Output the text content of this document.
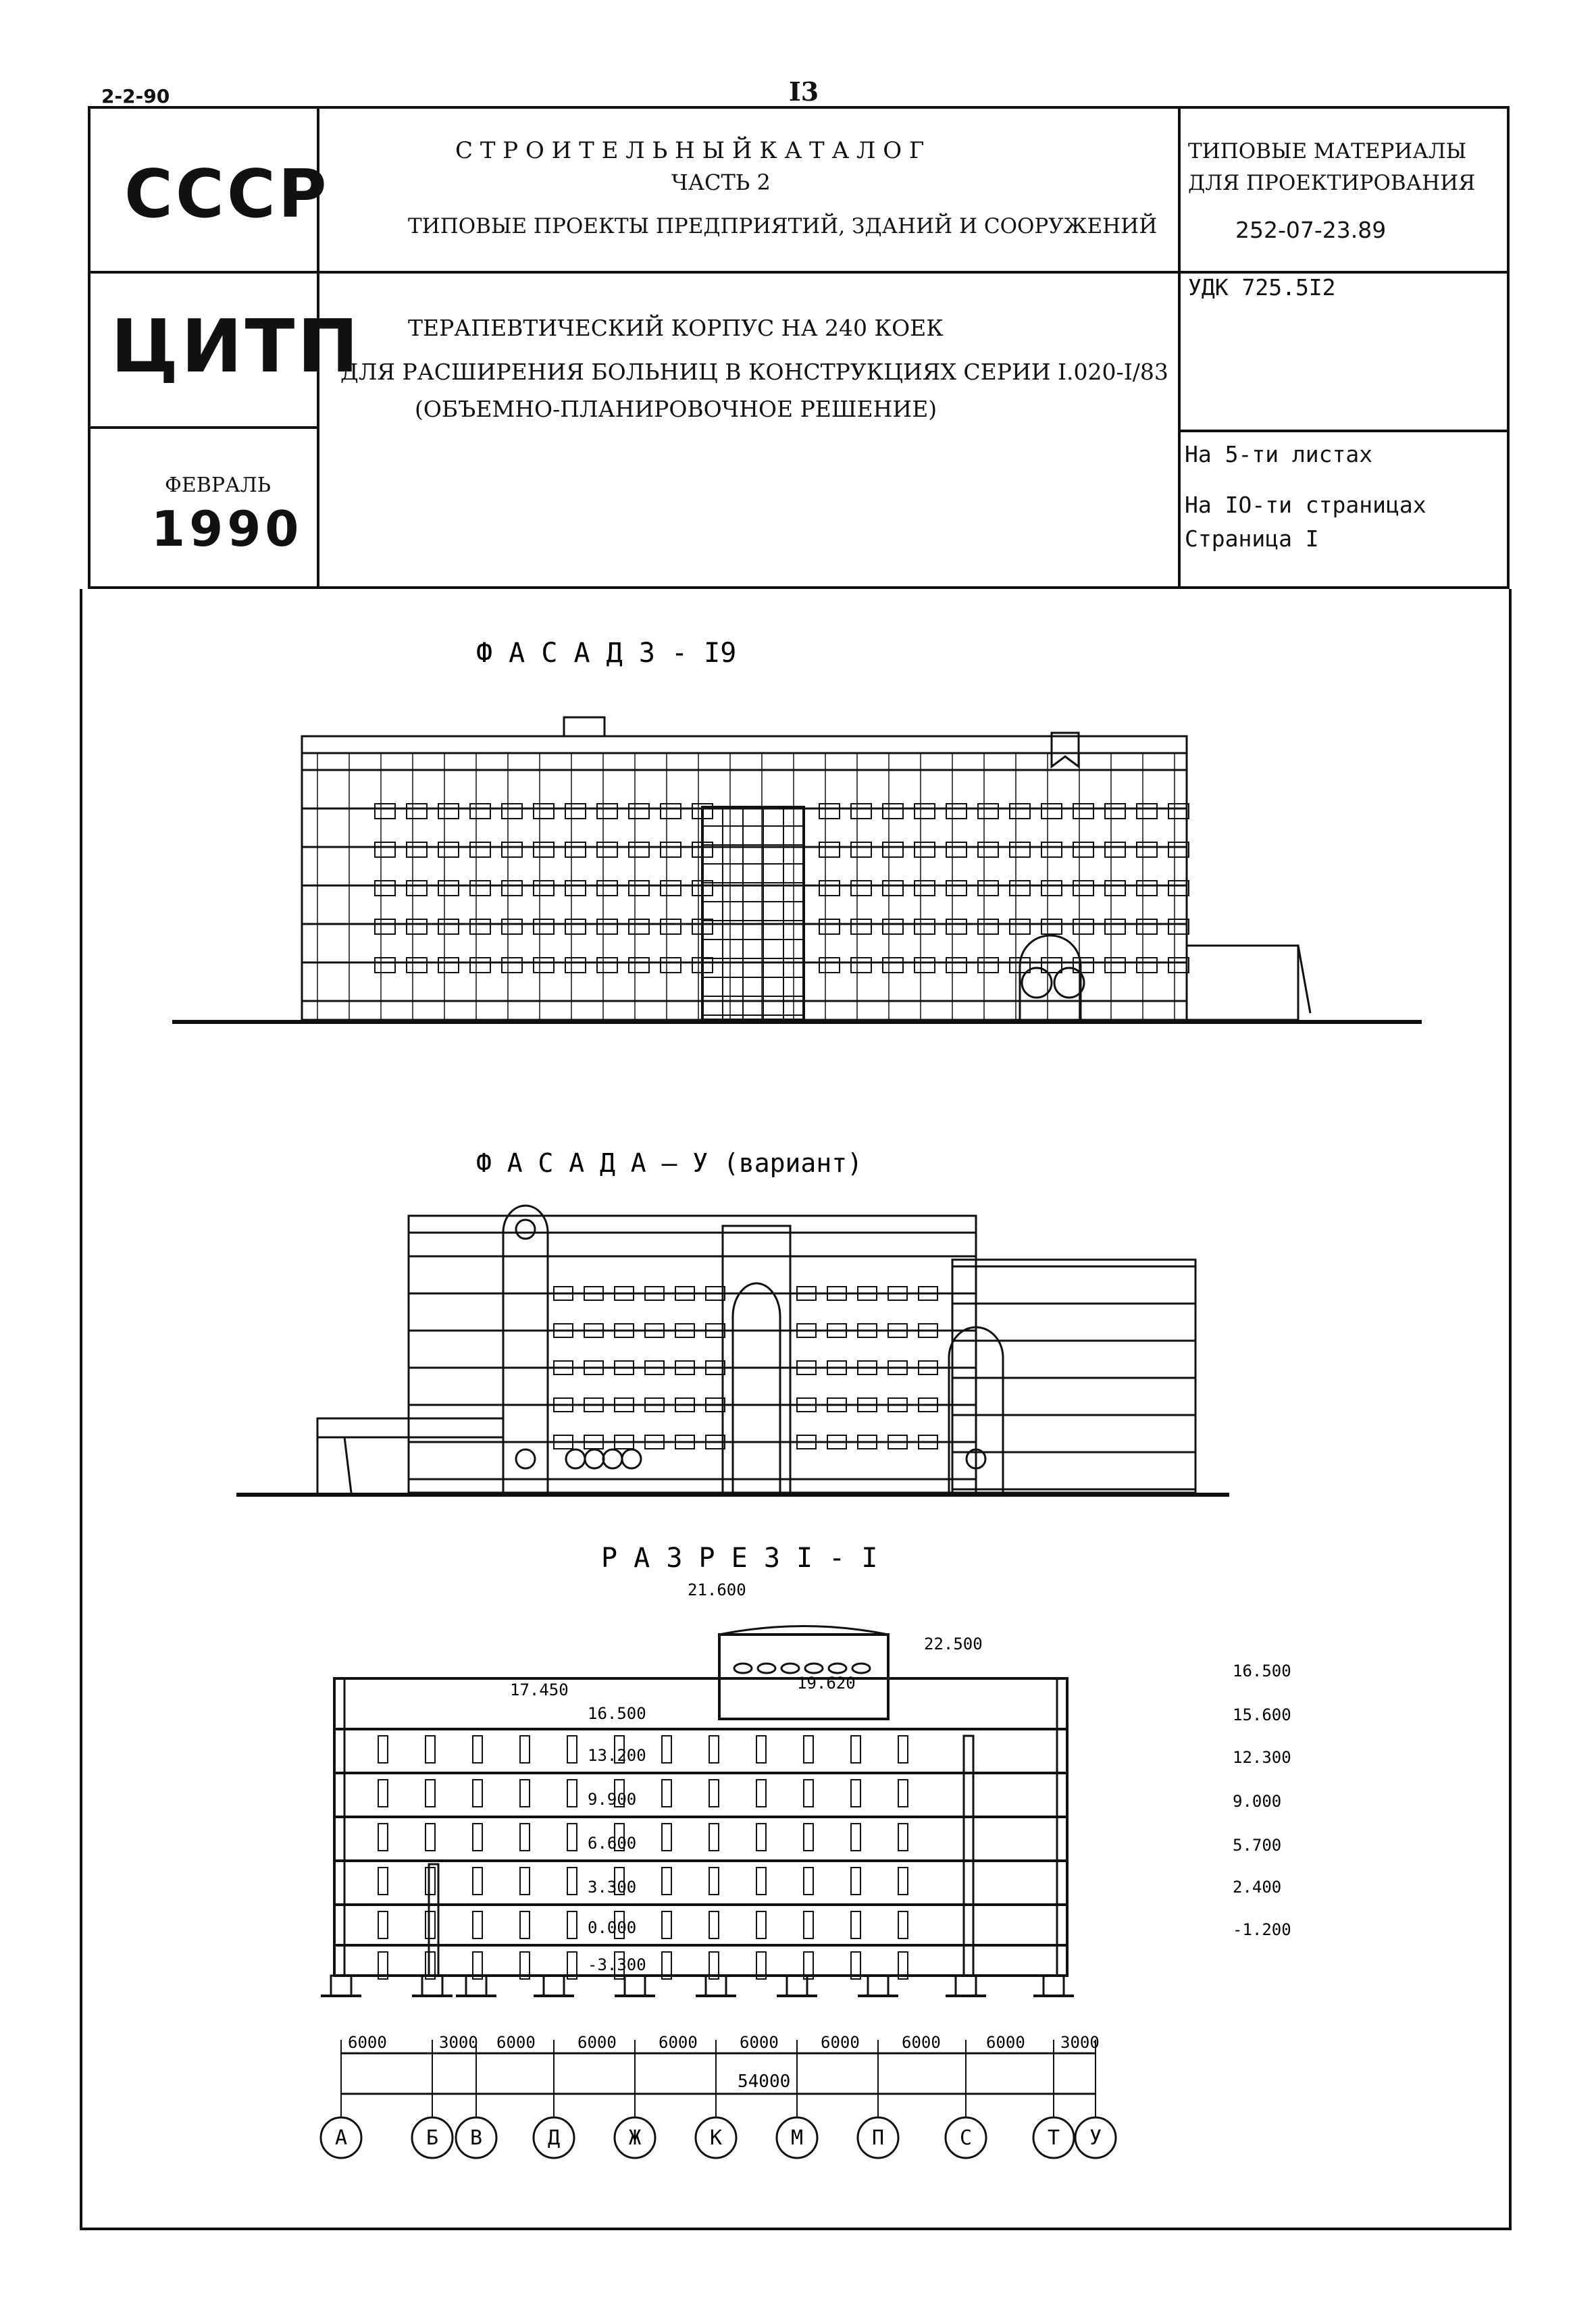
2-2-90	I3
СССР
ЦИТП
ФЕВРАЛЬ
1990
С Т Р О И Т Е Л Ь Н Ы Й К А Т А Л О Г
ЧАСТЬ 2
ТИПОВЫЕ ПРОЕКТЫ ПРЕДПРИЯТИЙ, ЗДАНИЙ И СООРУЖЕНИЙ
ТЕРАПЕВТИЧЕСКИЙ КОРПУС НА 240 КОЕК
ДЛЯ РАСШИРЕНИЯ БОЛЬНИЦ В КОНСТРУКЦИЯХ СЕРИИ I.020-I/83
(ОБЪЕМНО-ПЛАНИРОВОЧНОЕ РЕШЕНИЕ)
ТИПОВЫЕ МАТЕРИАЛЫ
ДЛЯ ПРОЕКТИРОВАНИЯ
252-07-23.89
УДК 725.5I2
На 5-ти листах
На IO-ти страницах
Страница I
Ф А С А Д 3 - I9
Ф А С А Д А – У (вариант)
Р А З Р Е З I - I
21.600
22.500
19.620
17.450
16.500
13.200
9.900
6.600
3.300
0.000
-3.300
16.500
15.600
12.300
9.000
5.700
2.400
-1.200
6000	3000 6000	6000	6000	6000	6000	6000	6000 3000
54000
А	Б В	Д	Ж	К	М	П	С	Т У
